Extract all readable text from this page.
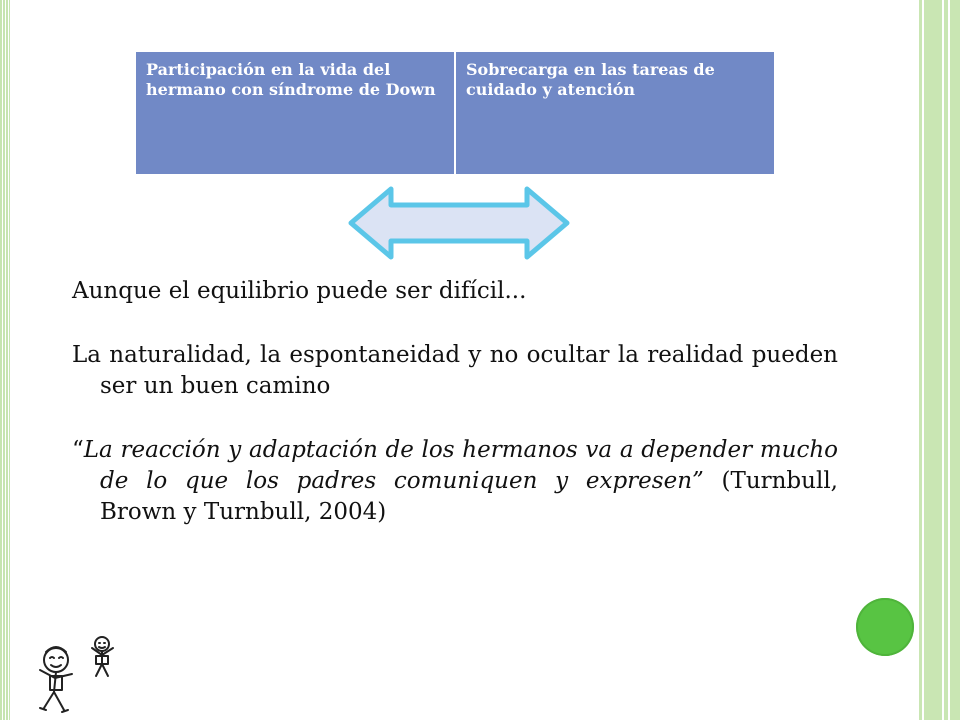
Participación en la vida del hermano con síndrome de Down
Sobrecarga en las tareas de cuidado y atención

Aunque el equilibrio puede ser difícil...

La naturalidad, la espontaneidad y no ocultar la realidad pueden ser un buen camino

“La reacción y adaptación de los hermanos va a depender mucho de lo que los padres comuniquen y expresen” (Turnbull, Brown y Turnbull, 2004)
